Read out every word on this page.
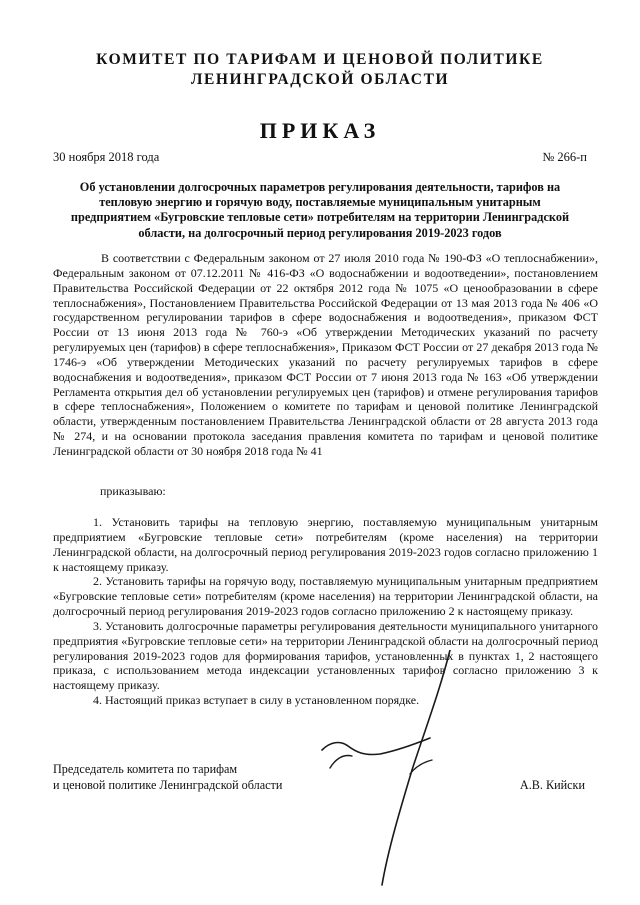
КОМИТЕТ ПО ТАРИФАМ И ЦЕНОВОЙ ПОЛИТИКЕ
ЛЕНИНГРАДСКОЙ ОБЛАСТИ
ПРИКАЗ
30 ноября 2018 года	№ 266-п
Об установлении долгосрочных параметров регулирования деятельности, тарифов на тепловую энергию и горячую воду, поставляемые муниципальным унитарным предприятием «Бугровские тепловые сети» потребителям на территории Ленинградской области, на долгосрочный период регулирования 2019-2023 годов
В соответствии с Федеральным законом от 27 июля 2010 года № 190-ФЗ «О теплоснабжении», Федеральным законом от 07.12.2011 № 416-ФЗ «О водоснабжении и водоотведении», постановлением Правительства Российской Федерации от 22 октября 2012 года № 1075 «О ценообразовании в сфере теплоснабжения», Постановлением Правительства Российской Федерации от 13 мая 2013 года № 406 «О государственном регулировании тарифов в сфере водоснабжения и водоотведения», приказом ФСТ России от 13 июня 2013 года № 760-э «Об утверждении Методических указаний по расчету регулируемых цен (тарифов) в сфере теплоснабжения», Приказом ФСТ России от 27 декабря 2013 года № 1746-э «Об утверждении Методических указаний по расчету регулируемых тарифов в сфере водоснабжения и водоотведения», приказом ФСТ России от 7 июня 2013 года № 163 «Об утверждении Регламента открытия дел об установлении регулируемых цен (тарифов) и отмене регулирования тарифов в сфере теплоснабжения», Положением о комитете по тарифам и ценовой политике Ленинградской области, утвержденным постановлением Правительства Ленинградской области от 28 августа 2013 года № 274, и на основании протокола заседания правления комитета по тарифам и ценовой политике Ленинградской области от 30 ноября 2018 года № 41
приказываю:

1. Установить тарифы на тепловую энергию, поставляемую муниципальным унитарным предприятием «Бугровские тепловые сети» потребителям (кроме населения) на территории Ленинградской области, на долгосрочный период регулирования 2019-2023 годов согласно приложению 1 к настоящему приказу.

2. Установить тарифы на горячую воду, поставляемую муниципальным унитарным предприятием «Бугровские тепловые сети» потребителям (кроме населения) на территории Ленинградской области, на долгосрочный период регулирования 2019-2023 годов согласно приложению 2 к настоящему приказу.

3. Установить долгосрочные параметры регулирования деятельности муниципального унитарного предприятия «Бугровские тепловые сети» на территории Ленинградской области на долгосрочный период регулирования 2019-2023 годов для формирования тарифов, установленных в пунктах 1, 2 настоящего приказа, с использованием метода индексации установленных тарифов согласно приложению 3 к настоящему приказу.

4. Настоящий приказ вступает в силу в установленном порядке.

Председатель комитета по тарифам
и ценовой политике Ленинградской области	А.В. Кийски
